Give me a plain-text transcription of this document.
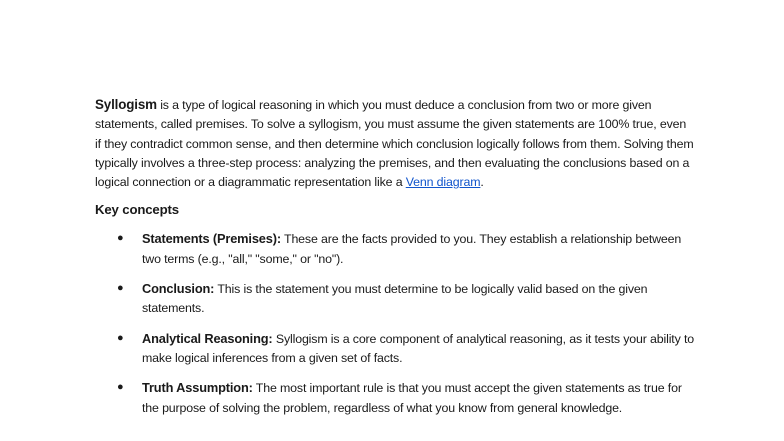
Syllogism is a type of logical reasoning in which you must deduce a conclusion from two or more given statements, called premises. To solve a syllogism, you must assume the given statements are 100% true, even if they contradict common sense, and then determine which conclusion logically follows from them. Solving them typically involves a three-step process: analyzing the premises, and then evaluating the conclusions based on a logical connection or a diagrammatic representation like a Venn diagram.

Key concepts
● Statements (Premises): These are the facts provided to you. They establish a relationship between two terms (e.g., "all," "some," or "no").
● Conclusion: This is the statement you must determine to be logically valid based on the given statements.
● Analytical Reasoning: Syllogism is a core component of analytical reasoning, as it tests your ability to make logical inferences from a given set of facts.
● Truth Assumption: The most important rule is that you must accept the given statements as true for the purpose of solving the problem, regardless of what you know from general knowledge.
